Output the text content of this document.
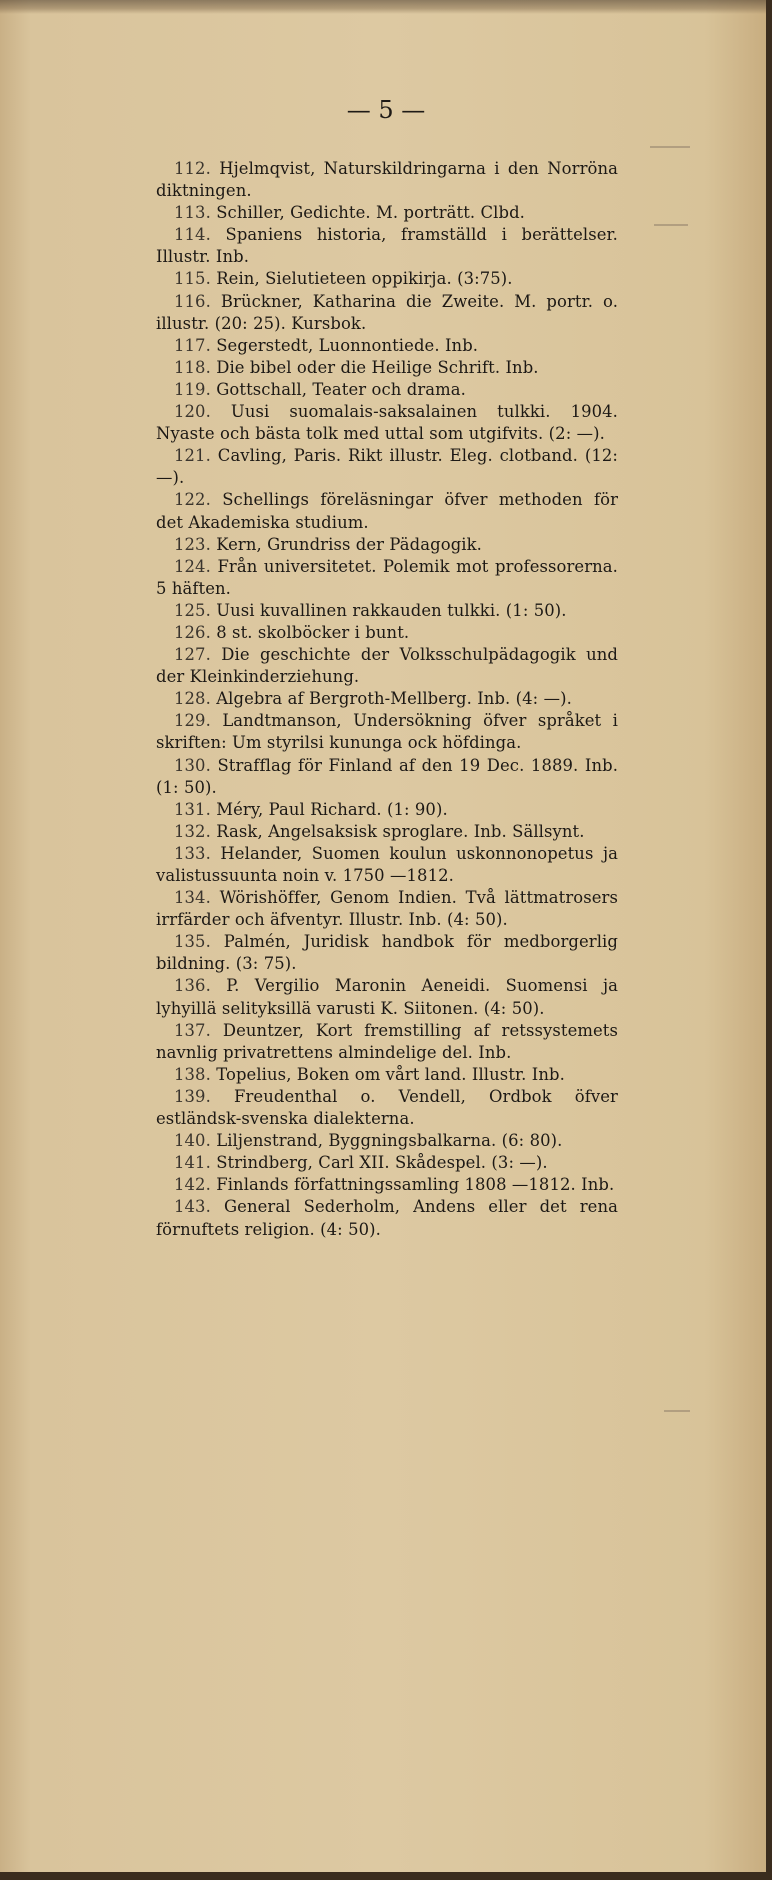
— 5 —
112. Hjelmqvist, Naturskildringarna i den Norröna diktningen.
113. Schiller, Gedichte. M. porträtt. Clbd.
114. Spaniens historia, framställd i berättelser. Illustr. Inb.
115. Rein, Sielutieteen oppikirja. (3:75).
116. Brückner, Katharina die Zweite. M. portr. o. illustr. (20: 25). Kursbok.
117. Segerstedt, Luonnontiede. Inb.
118. Die bibel oder die Heilige Schrift. Inb.
119. Gottschall, Teater och drama.
120. Uusi suomalais-saksalainen tulkki. 1904. Nyaste och bästa tolk med uttal som utgifvits. (2: —).
121. Cavling, Paris. Rikt illustr. Eleg. clotband. (12: —).
122. Schellings föreläsningar öfver methoden för det Akademiska studium.
123. Kern, Grundriss der Pädagogik.
124. Från universitetet. Polemik mot professorerna. 5 häften.
125. Uusi kuvallinen rakkauden tulkki. (1: 50).
126. 8 st. skolböcker i bunt.
127. Die geschichte der Volksschulpädagogik und der Kleinkinderziehung.
128. Algebra af Bergroth-Mellberg. Inb. (4: —).
129. Landtmanson, Undersökning öfver språket i skriften: Um styrilsi kununga ock höfdinga.
130. Strafflag för Finland af den 19 Dec. 1889. Inb. (1: 50).
131. Méry, Paul Richard. (1: 90).
132. Rask, Angelsaksisk sproglare. Inb. Sällsynt.
133. Helander, Suomen koulun uskonnonopetus ja valistussuunta noin v. 1750 —1812.
134. Wörishöffer, Genom Indien. Två lättmatrosers irrfärder och äfventyr. Illustr. Inb. (4: 50).
135. Palmén, Juridisk handbok för medborgerlig bildning. (3: 75).
136. P. Vergilio Maronin Aeneidi. Suomensi ja lyhyillä selityksillä varusti K. Siitonen. (4: 50).
137. Deuntzer, Kort fremstilling af retssystemets navnlig privatrettens almindelige del. Inb.
138. Topelius, Boken om vårt land. Illustr. Inb.
139. Freudenthal o. Vendell, Ordbok öfver estländsk-svenska dialekterna.
140. Liljenstrand, Byggningsbalkarna. (6: 80).
141. Strindberg, Carl XII. Skådespel. (3: —).
142. Finlands författningssamling 1808 —1812. Inb.
143. General Sederholm, Andens eller det rena förnuftets religion. (4: 50).
